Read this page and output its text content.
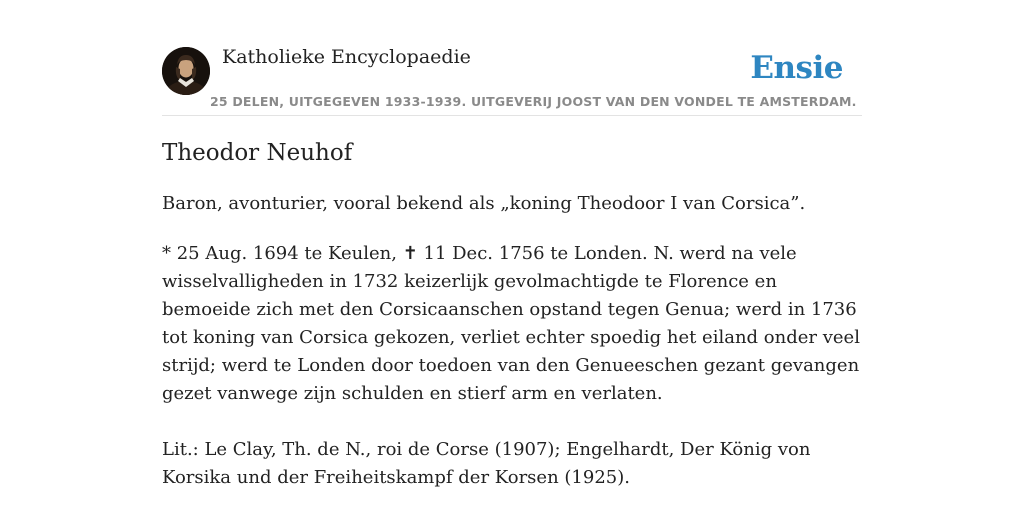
Katholieke Encyclopaedie	Ensie
25 DELEN, UITGEGEVEN 1933-1939. UITGEVERIJ JOOST VAN DEN VONDEL TE AMSTERDAM.
Theodor Neuhof

Baron, avonturier, vooral bekend als „koning Theodoor I van Corsica”.

* 25 Aug. 1694 te Keulen, ✝ 11 Dec. 1756 te Londen. N. werd na vele wisselvalligheden in 1732 keizerlijk gevolmachtigde te Florence en bemoeide zich met den Corsicaanschen opstand tegen Genua; werd in 1736 tot koning van Corsica gekozen, verliet echter spoedig het eiland onder veel strijd; werd te Londen door toedoen van den Genueeschen gezant gevangen gezet vanwege zijn schulden en stierf arm en verlaten.

Lit.: Le Clay, Th. de N., roi de Corse (1907); Engelhardt, Der König von Korsika und der Freiheitskampf der Korsen (1925).
